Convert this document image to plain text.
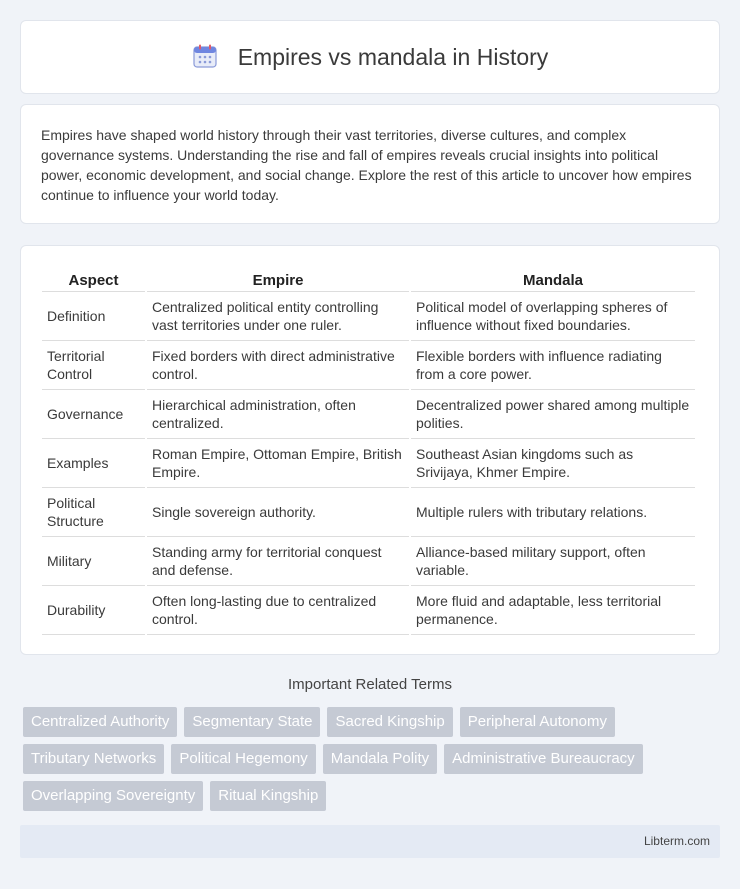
Empires vs mandala in History

Empires have shaped world history through their vast territories, diverse cultures, and complex governance systems. Understanding the rise and fall of empires reveals crucial insights into political power, economic development, and social change. Explore the rest of this article to uncover how empires continue to influence your world today.

Aspect	Empire	Mandala
Definition	Centralized political entity controlling vast territories under one ruler.	Political model of overlapping spheres of influence without fixed boundaries.
Territorial Control	Fixed borders with direct administrative control.	Flexible borders with influence radiating from a core power.
Governance	Hierarchical administration, often centralized.	Decentralized power shared among multiple polities.
Examples	Roman Empire, Ottoman Empire, British Empire.	Southeast Asian kingdoms such as Srivijaya, Khmer Empire.
Political Structure	Single sovereign authority.	Multiple rulers with tributary relations.
Military	Standing army for territorial conquest and defense.	Alliance-based military support, often variable.
Durability	Often long-lasting due to centralized control.	More fluid and adaptable, less territorial permanence.
Important Related Terms
Centralized Authority	Segmentary State	Sacred Kingship	Peripheral Autonomy
Tributary Networks	Political Hegemony	Mandala Polity	Administrative Bureaucracy
Overlapping Sovereignty	Ritual Kingship
Libterm.com
